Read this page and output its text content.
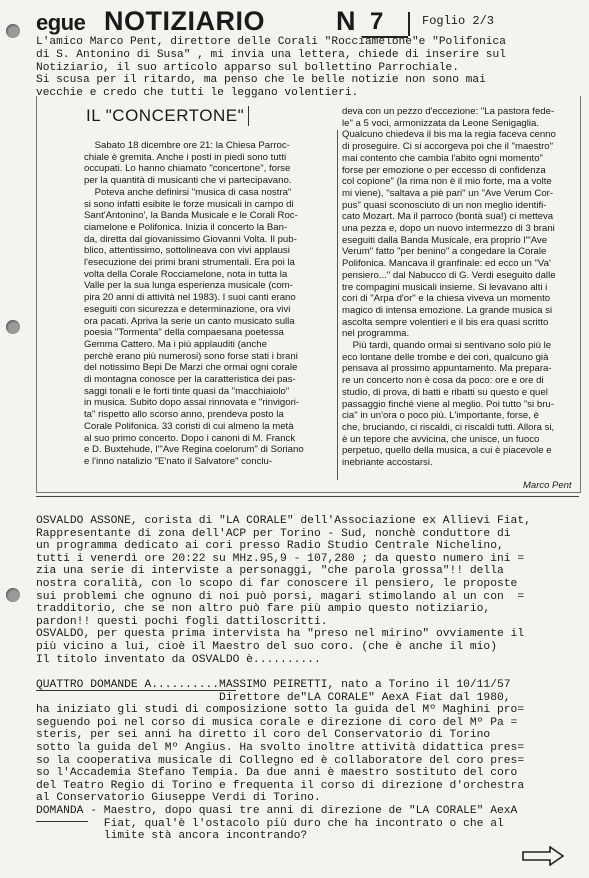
egue NOTIZIARIO	N 7	Foglio 2/3
L'amico Marco Pent, direttore delle Corali "Rocciamelone"e "Polifonica
di S. Antonino di Susa" , mi invia una lettera, chiede di inserire sul
Notiziario, il suo articolo apparso sul bollettino Parrochiale.
Si scusa per il ritardo, ma penso che le belle notizie non sono mai
vecchie e credo che tutti le leggano volentieri.
IL "CONCERTONE"
Sabato 18 dicembre ore 21: la Chiesa Parroc-
chiale è gremita. Anche i posti in piedi sono tutti
occupati. Lo hanno chiamato "concertone", forse
per la quantità di musicanti che vi partecipavano.
Poteva anche definirsi "musica di casa nostra"
si sono infatti esibite le forze musicali in campo di
Sant'Antonino', la Banda Musicale e le Corali Roc-
ciamelone e Polifonica. Inizia il concerto la Ban-
da, diretta dal giovanissimo Giovanni Volta. Il pub-
blico, attentissimo, sottolineava con vivi applausi
l'esecuzione dei primi brani strumentali. Era poi la
volta della Corale Rocciamelone, nota in tutta la
Valle per la sua lunga esperienza musicale (com-
pira 20 anni di attività nel 1983). I suoi canti erano
eseguiti con sicurezza e determinazione, ora vivi
ora pacati. Apriva la serie un canto musicato sulla
poesia "Tormenta" della compaesana poetessa
Gemma Cattero. Ma i più applauditi (anche
perchè erano più numerosi) sono forse stati i brani
del notissimo Bepi De Marzi che ormai ogni corale
di montagna conosce per la caratteristica dei pas-
saggi tonali e le forti tinte quasi da "macchiaiolo"
in musica. Subito dopo assai rinnovata e "rinvigori-
ta" rispetto allo scorso anno, prendeva posto la
Corale Polifonica. 33 coristi di cui almeno la metà
al suo primo concerto. Dopo i canoni di M. Franck
e D. Buxtehude, l'"Ave Regina coelorum" di Soriano
e l'inno natalizio "E'nato il Salvatore" conclu-
deva con un pezzo d'eccezione: "La pastora fede-
le" a 5 voci, armonizzata da Leone Senigaglia.
Qualcuno chiedeva il bis ma la regia faceva cenno
di proseguire. Ci si accorgeva poi che il "maestro"
mai contento che cambia l'abito ogni momento"
forse per emozione o per eccesso di confidenza
col copione" (la rima non è il mio forte, ma a volte
mi viene), "saltava a piè pari" un "Ave Verum Cor-
pus" quasi sconosciuto di un non meglio identifi-
cato Mozart. Ma il parroco (bontà sua!) ci metteva
una pezza e, dopo un nuovo intermezzo di 3 brani
eseguiti dalla Banda Musicale, era proprio l'"Ave
Verum" fatto "per benino" a congedare la Corale
Polifonica. Mancava il granfinale: ed ecco un "Va'
pensiero..." dal Nabucco di G. Verdi eseguito dalle
tre compagini musicali insieme. Si levavano alti i
cori di "Arpa d'or" e la chiesa viveva un momento
magico di intensa emozione. La grande musica si
ascolta sempre volentieri e il bis era quasi scritto
nel programma.
Più tardi, quando ormai si sentivano solo più le
eco lontane delle trombe e dei cori, qualcuno già
pensava al prossimo appuntamento. Ma prepara-
re un concerto non è cosa da poco: ore e ore di
studio, di prova, di batti e ribatti su questo e quel
passaggio finché viene al meglio. Poi tutto "si bru-
cia" in un'ora o poco più. L'importante, forse, è
che, bruciando, ci riscaldi, ci riscaldi tutti. Allora si,
è un tepore che avvicina, che unisce, un fuoco
perpetuo, quello della musica, a cui è piacevole e
inebriante accostarsi.
Marco Pent
OSVALDO ASSONE, corista di "LA CORALE" dell'Associazione ex Allievi Fiat,
Rappresentante di zona dell'ACP per Torino - Sud, nonchè conduttore di
un programma dedicato ai cori presso Radio Studio Centrale Nichelino,
tutti i venerdì ore 20:22 su MHz.95,9 - 107,280 ; da questo numero ini =
zia una serie di interviste a personaggi, "che parola grossa"!! della
nostra coralità, con lo scopo di far conoscere il pensiero, le proposte
sui problemi che ognuno di noi può porsi, magari stimolando al un con  =
tradditorio, che se non altro può fare più ampio questo notiziario,
pardon!! questi pochi fogli dattiloscritti.
OSVALDO, per questa prima intervista ha "preso nel mirino" ovviamente il
più vicino a lui, cioè il Maestro del suo coro. (che è anche il mio)
Il titolo inventato da OSVALDO è..........
QUATTRO DOMANDE A..........MASSIMO PEIRETTI, nato a Torino il 10/11/57
Direttore de"LA CORALE" AexA Fiat dal 1980,
ha iniziato gli studi di composizione sotto la guida del Mº Maghini pro=
seguendo poi nel corso di musica corale e direzione di coro del Mº Pa =
steris, per sei anni ha diretto il coro del Conservatorio di Torino
sotto la guida del Mº Angius. Ha svolto inoltre attività didattica pres=
so la cooperativa musicale di Collegno ed è collaboratore del coro pres=
so l'Accademia Stefano Tempia. Da due anni è maestro sostituto del coro
del Teatro Regio di Torino e frequenta il corso di direzione d'orchestra
al Conservatorio Giuseppe Verdi di Torino.
DOMANDA - Maestro, dopo quasi tre anni di direzione de "LA CORALE" AexA
Fiat, qual'è l'ostacolo più duro che ha incontrato o che al
limite stà ancora incontrando?
